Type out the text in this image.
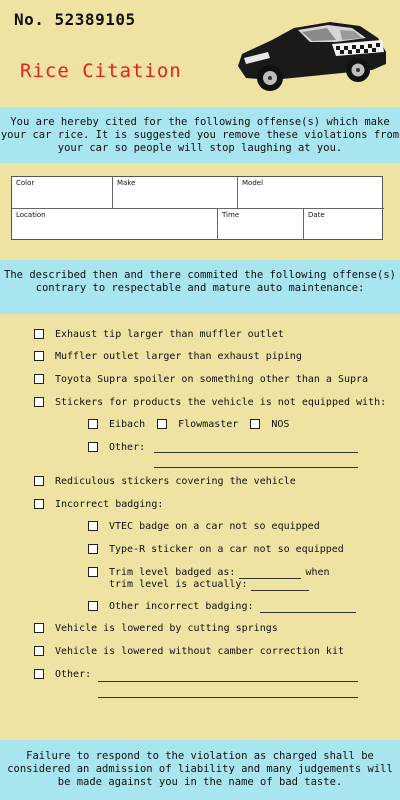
No. 52389105
Rice Citation
You are hereby cited for the following offense(s) which make your car rice. It is suggested you remove these violations from your car so people will stop laughing at you.
Color	Make	Model
Location	Time	Date
The described then and there commited the following offense(s) contrary to respectable and mature auto maintenance:
Exhaust tip larger than muffler outlet
Muffler outlet larger than exhaust piping
Toyota Supra spoiler on something other than a Supra
Stickers for products the vehicle is not equipped with:
Eibach	Flowmaster	NOS
Other:
Rediculous stickers covering the vehicle
Incorrect badging:
VTEC badge on a car not so equipped
Type-R sticker on a car not so equipped
Trim level badged as:	when
trim level is actually:
Other incorrect badging:
Vehicle is lowered by cutting springs
Vehicle is lowered without camber correction kit
Other:
Failure to respond to the violation as charged shall be considered an admission of liability and many judgements will be made against you in the name of bad taste.
